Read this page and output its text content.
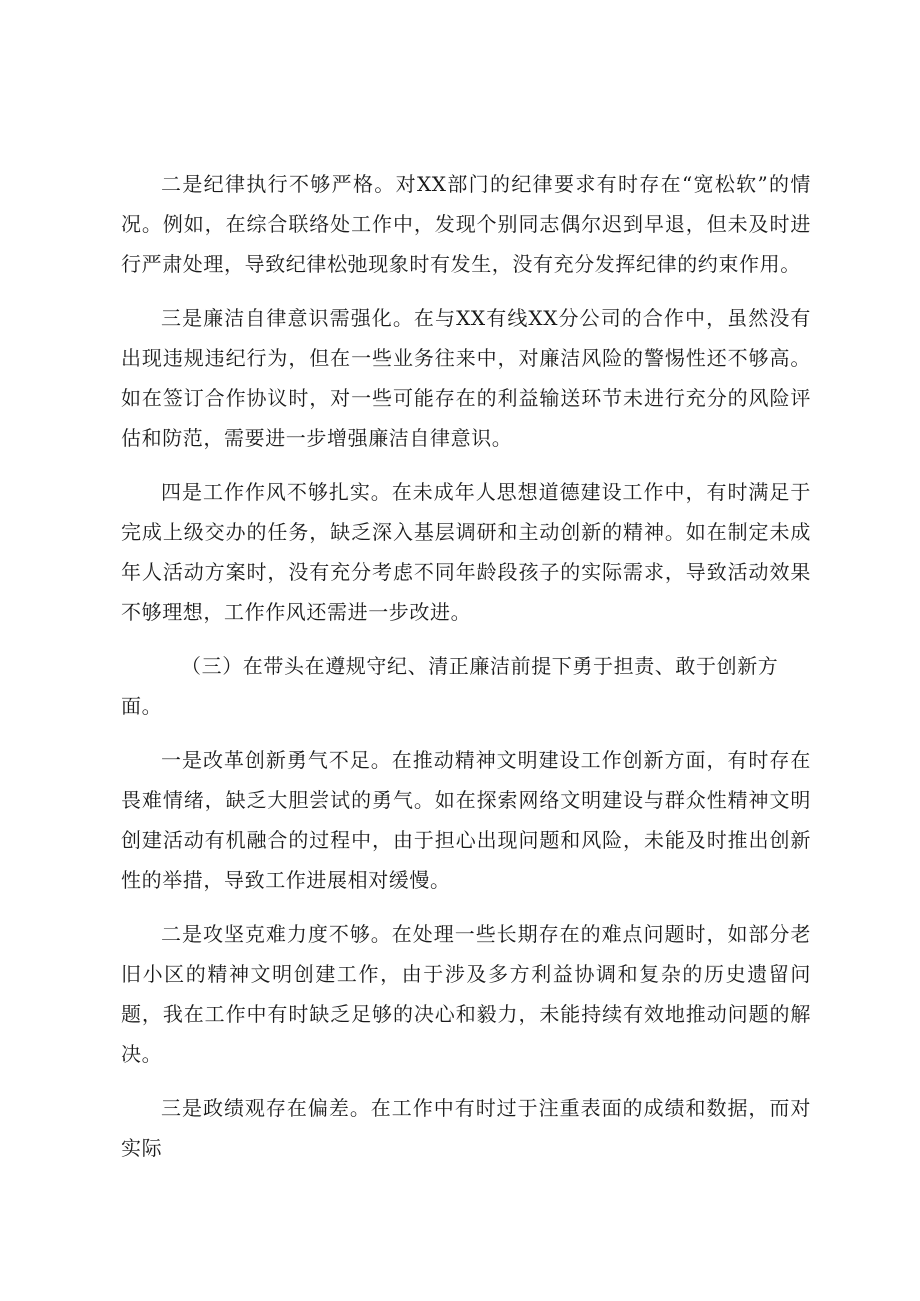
二是纪律执行不够严格。对XX部门的纪律要求有时存在“宽松软”的情况。例如，在综合联络处工作中，发现个别同志偶尔迟到早退，但未及时进行严肃处理，导致纪律松弛现象时有发生，没有充分发挥纪律的约束作用。

三是廉洁自律意识需强化。在与XX有线XX分公司的合作中，虽然没有出现违规违纪行为，但在一些业务往来中，对廉洁风险的警惕性还不够高。如在签订合作协议时，对一些可能存在的利益输送环节未进行充分的风险评估和防范，需要进一步增强廉洁自律意识。

四是工作作风不够扎实。在未成年人思想道德建设工作中，有时满足于完成上级交办的任务，缺乏深入基层调研和主动创新的精神。如在制定未成年人活动方案时，没有充分考虑不同年龄段孩子的实际需求，导致活动效果不够理想，工作作风还需进一步改进。

（三）在带头在遵规守纪、清正廉洁前提下勇于担责、敢于创新方面。

一是改革创新勇气不足。在推动精神文明建设工作创新方面，有时存在畏难情绪，缺乏大胆尝试的勇气。如在探索网络文明建设与群众性精神文明创建活动有机融合的过程中，由于担心出现问题和风险，未能及时推出创新性的举措，导致工作进展相对缓慢。

二是攻坚克难力度不够。在处理一些长期存在的难点问题时，如部分老旧小区的精神文明创建工作，由于涉及多方利益协调和复杂的历史遗留问题，我在工作中有时缺乏足够的决心和毅力，未能持续有效地推动问题的解决。

三是政绩观存在偏差。在工作中有时过于注重表面的成绩和数据，而对实际
